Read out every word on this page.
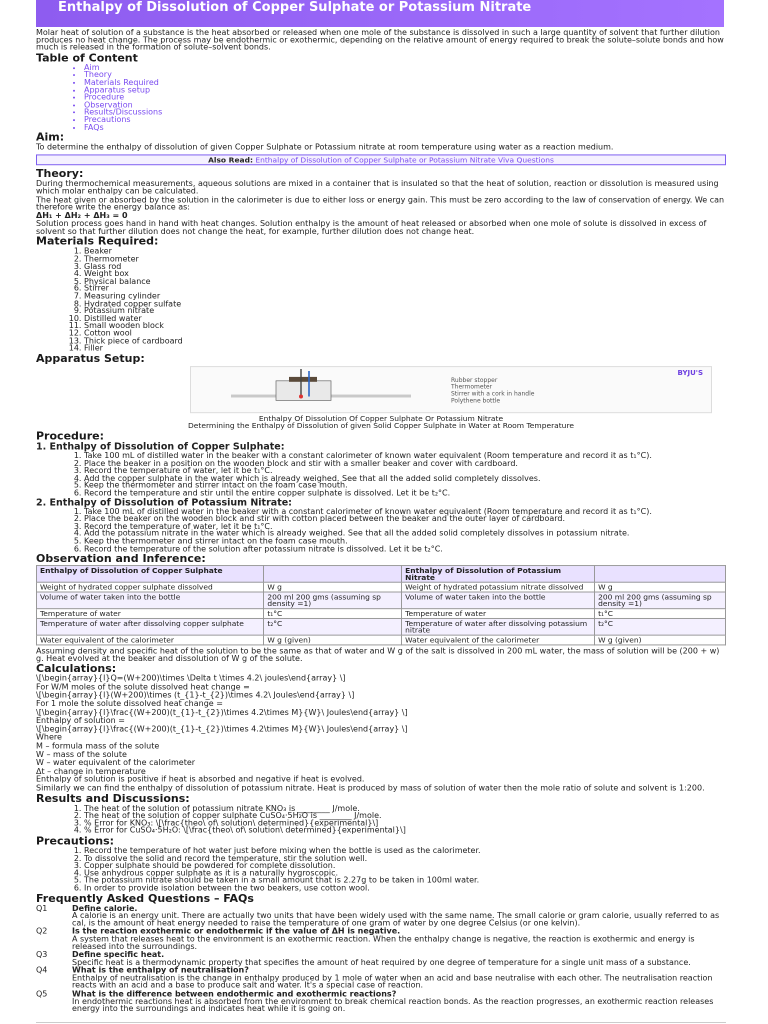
Enthalpy of Dissolution of Copper Sulphate or Potassium Nitrate

Molar heat of solution of a substance is the heat absorbed or released when one mole of the substance is dissolved in such a large quantity of solvent that further dilution produces no heat change. The process may be endothermic or exothermic, depending on the relative amount of energy required to break the solute–solute bonds and how much is released in the formation of solute–solvent bonds.

Table of Content
• Aim
• Theory
• Materials Required
• Apparatus setup
• Procedure
• Observation
• Results/Discussions
• Precautions
• FAQs
Aim:

To determine the enthalpy of dissolution of given Copper Sulphate or Potassium nitrate at room temperature using water as a reaction medium.

Also Read: Enthalpy of Dissolution of Copper Sulphate or Potassium Nitrate Viva Questions
Theory:

During thermochemical measurements, aqueous solutions are mixed in a container that is insulated so that the heat of solution, reaction or dissolution is measured using which molar enthalpy can be calculated.

The heat given or absorbed by the solution in the calorimeter is due to either loss or energy gain. This must be zero according to the law of conservation of energy. We can therefore write the energy balance as:

ΔH₁ + ΔH₂ + ΔH₃ = 0

Solution process goes hand in hand with heat changes. Solution enthalpy is the amount of heat released or absorbed when one mole of solute is dissolved in excess of solvent so that further dilution does not change the heat, for example, further dilution does not change heat.

Materials Required:
1. Beaker
2. Thermometer
3. Glass rod
4. Weight box
5. Physical balance
6. Stirrer
7. Measuring cylinder
8. Hydrated copper sulfate
9. Potassium nitrate
10. Distilled water
11. Small wooden block
12. Cotton wool
13. Thick piece of cardboard
14. Filler
Apparatus Setup:
Rubber stopper
Thermometer
Stirrer with a cork in handle
Polythene bottle
BYJU'S
Enthalpy Of Dissolution Of Copper Sulphate Or Potassium Nitrate
Determining the Enthalpy of Dissolution of given Solid Copper Sulphate in Water at Room Temperature
Procedure:
1. Enthalpy of Dissolution of Copper Sulphate:
1. Take 100 mL of distilled water in the beaker with a constant calorimeter of known water equivalent (Room temperature and record it as t₁°C).
2. Place the beaker in a position on the wooden block and stir with a smaller beaker and cover with cardboard.
3. Record the temperature of water, let it be t₁°C.
4. Add the copper sulphate in the water which is already weighed. See that all the added solid completely dissolves.
5. Keep the thermometer and stirrer intact on the foam case mouth.
6. Record the temperature and stir until the entire copper sulphate is dissolved. Let it be t₂°C.
2. Enthalpy of Dissolution of Potassium Nitrate:
1. Take 100 mL of distilled water in the beaker with a constant calorimeter of known water equivalent (Room temperature and record it as t₁°C).
2. Place the beaker on the wooden block and stir with cotton placed between the beaker and the outer layer of cardboard.
3. Record the temperature of water, let it be t₁°C.
4. Add the potassium nitrate in the water which is already weighed. See that all the added solid completely dissolves in potassium nitrate.
5. Keep the thermometer and stirrer intact on the foam case mouth.
6. Record the temperature of the solution after potassium nitrate is dissolved. Let it be t₂°C.
Observation and Inference:
Enthalpy of Dissolution of Copper Sulphate		Enthalpy of Dissolution of Potassium Nitrate	
Weight of hydrated copper sulphate dissolved	W g	Weight of hydrated potassium nitrate dissolved	W g
Volume of water taken into the bottle	200 ml 200 gms (assuming sp density =1)	Volume of water taken into the bottle	200 ml 200 gms (assuming sp density =1)
Temperature of water	t₁°C	Temperature of water	t₁°C
Temperature of water after dissolving copper sulphate	t₂°C	Temperature of water after dissolving potassium nitrate	t₂°C
Water equivalent of the calorimeter	W g (given)	Water equivalent of the calorimeter	W g (given)

Assuming density and specific heat of the solution to be the same as that of water and W g of the salt is dissolved in 200 mL water, the mass of solution will be (200 + w) g. Heat evolved at the beaker and dissolution of W g of the solute.

Calculations:

\[\begin{array}{l}Q=(W+200)\times \Delta t \times 4.2\ joules\end{array} \]

For W/M moles of the solute dissolved heat change =

\[\begin{array}{l}(W+200)\times (t_{1}-t_{2})\times 4.2\ Joules\end{array} \]

For 1 mole the solute dissolved heat change =

\[\begin{array}{l}\frac{(W+200)(t_{1}-t_{2})\times 4.2\times M}{W}\ Joules\end{array} \]

Enthalpy of solution =

\[\begin{array}{l}\frac{(W+200)(t_{1}-t_{2})\times 4.2\times M}{W}\ Joules\end{array} \]

Where

M – formula mass of the solute

W – mass of the solute

W – water equivalent of the calorimeter

Δt – change in temperature

Enthalpy of solution is positive if heat is absorbed and negative if heat is evolved.

Similarly we can find the enthalpy of dissolution of potassium nitrate. Heat is produced by mass of solution of water then the mole ratio of solute and solvent is 1:200.

Results and Discussions:
1. The heat of the solution of potassium nitrate KNO₃ is ________ J/mole.
2. The heat of the solution of copper sulphate CuSO₄·5H₂O is ________ J/mole.
3. % Error for KNO₃: \[\frac{theo\ of\ solution\ determined}{experimental}\]
4. % Error for CuSO₄·5H₂O: \[\frac{theo\ of\ solution\ determined}{experimental}\]
Precautions:
1. Record the temperature of hot water just before mixing when the bottle is used as the calorimeter.
2. To dissolve the solid and record the temperature, stir the solution well.
3. Copper sulphate should be powdered for complete dissolution.
4. Use anhydrous copper sulphate as it is a naturally hygroscopic.
5. The potassium nitrate should be taken in a small amount that is 2.27g to be taken in 100ml water.
6. In order to provide isolation between the two beakers, use cotton wool.
Frequently Asked Questions – FAQs
Q1	Define calorie.
A calorie is an energy unit. There are actually two units that have been widely used with the same name. The small calorie or gram calorie, usually referred to as cal, is the amount of heat energy needed to raise the temperature of one gram of water by one degree Celsius (or one kelvin).
Q2	Is the reaction exothermic or endothermic if the value of ΔH is negative.
A system that releases heat to the environment is an exothermic reaction. When the enthalpy change is negative, the reaction is exothermic and energy is released into the surroundings.
Q3	Define specific heat.
Specific heat is a thermodynamic property that specifies the amount of heat required by one degree of temperature for a single unit mass of a substance.
Q4	What is the enthalpy of neutralisation?
Enthalpy of neutralisation is the change in enthalpy produced by 1 mole of water when an acid and base neutralise with each other. The neutralisation reaction reacts with an acid and a base to produce salt and water. It's a special case of reaction.
Q5	What is the difference between endothermic and exothermic reactions?
In endothermic reactions heat is absorbed from the environment to break chemical reaction bonds. As the reaction progresses, an exothermic reaction releases energy into the surroundings and indicates heat while it is going on.
